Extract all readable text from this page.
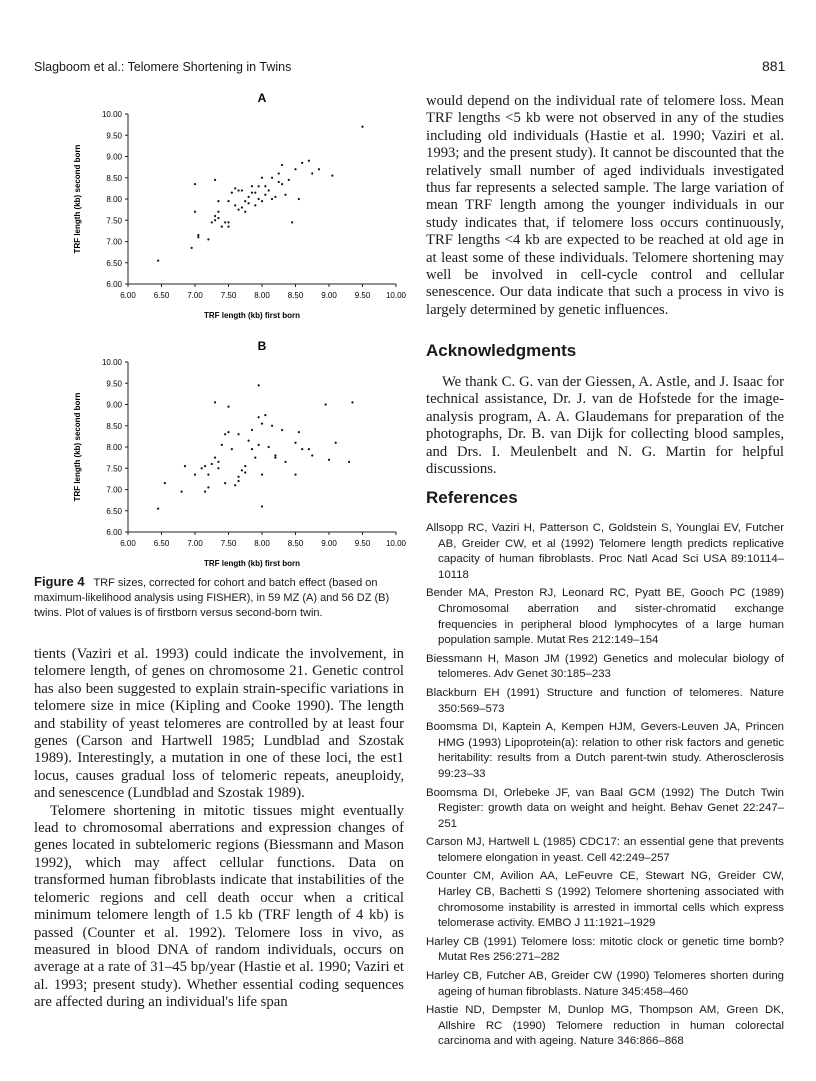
Slagboom et al.: Telomere Shortening in Twins	881
A
6.00 6.50 7.00 7.50 8.00 8.50 9.00 9.50 10.00
6.00
6.50
7.00
7.50
8.00
8.50
9.00
9.50
10.00
TRF length (kb) first born
TRF length (kb) second born
B
6.00 6.50 7.00 7.50 8.00 8.50 9.00 9.50 10.00
6.00
6.50
7.00
7.50
8.00
8.50
9.00
9.50
10.00
TRF length (kb) first born
TRF length (kb) second born
Figure 4 TRF sizes, corrected for cohort and batch effect (based on maximum-likelihood analysis using FISHER), in 59 MZ (A) and 56 DZ (B) twins. Plot of values is of firstborn versus second-born twin.

tients (Vaziri et al. 1993) could indicate the involvement, in telomere length, of genes on chromosome 21. Genetic control has also been suggested to explain strain-specific variations in telomere size in mice (Kipling and Cooke 1990). The length and stability of yeast telomeres are controlled by at least four genes (Carson and Hartwell 1985; Lundblad and Szostak 1989). Interestingly, a mutation in one of these loci, the est1 locus, causes gradual loss of telomeric repeats, aneuploidy, and senescence (Lundblad and Szostak 1989).

Telomere shortening in mitotic tissues might eventually lead to chromosomal aberrations and expression changes of genes located in subtelomeric regions (Biessmann and Mason 1992), which may affect cellular functions. Data on transformed human fibroblasts indicate that instabilities of the telomeric regions and cell death occur when a critical minimum telomere length of 1.5 kb (TRF length of 4 kb) is passed (Counter et al. 1992). Telomere loss in vivo, as measured in blood DNA of random individuals, occurs on average at a rate of 31–45 bp/year (Hastie et al. 1990; Vaziri et al. 1993; present study). Whether essential coding sequences are affected during an individual's life span

would depend on the individual rate of telomere loss. Mean TRF lengths <5 kb were not observed in any of the studies including old individuals (Hastie et al. 1990; Vaziri et al. 1993; and the present study). It cannot be discounted that the relatively small number of aged individuals investigated thus far represents a selected sample. The large variation of mean TRF length among the younger individuals in our study indicates that, if telomere loss occurs continuously, TRF lengths <4 kb are expected to be reached at old age in at least some of these individuals. Telomere shortening may well be involved in cell-cycle control and cellular senescence. Our data indicate that such a process in vivo is largely determined by genetic influences.

Acknowledgments

We thank C. G. van der Giessen, A. Astle, and J. Isaac for technical assistance, Dr. J. van de Hofstede for the image-analysis program, A. A. Glaudemans for preparation of the photographs, Dr. B. van Dijk for collecting blood samples, and Drs. I. Meulenbelt and N. G. Martin for helpful discussions.

References

Allsopp RC, Vaziri H, Patterson C, Goldstein S, Younglai EV, Futcher AB, Greider CW, et al (1992) Telomere length predicts replicative capacity of human fibroblasts. Proc Natl Acad Sci USA 89:10114–10118

Bender MA, Preston RJ, Leonard RC, Pyatt BE, Gooch PC (1989) Chromosomal aberration and sister-chromatid exchange frequencies in peripheral blood lymphocytes of a large human population sample. Mutat Res 212:149–154

Biessmann H, Mason JM (1992) Genetics and molecular biology of telomeres. Adv Genet 30:185–233

Blackburn EH (1991) Structure and function of telomeres. Nature 350:569–573

Boomsma DI, Kaptein A, Kempen HJM, Gevers-Leuven JA, Princen HMG (1993) Lipoprotein(a): relation to other risk factors and genetic heritability: results from a Dutch parent-twin study. Atherosclerosis 99:23–33

Boomsma DI, Orlebeke JF, van Baal GCM (1992) The Dutch Twin Register: growth data on weight and height. Behav Genet 22:247–251

Carson MJ, Hartwell L (1985) CDC17: an essential gene that prevents telomere elongation in yeast. Cell 42:249–257

Counter CM, Avilion AA, LeFeuvre CE, Stewart NG, Greider CW, Harley CB, Bachetti S (1992) Telomere shortening associated with chromosome instability is arrested in immortal cells which express telomerase activity. EMBO J 11:1921–1929

Harley CB (1991) Telomere loss: mitotic clock or genetic time bomb? Mutat Res 256:271–282

Harley CB, Futcher AB, Greider CW (1990) Telomeres shorten during ageing of human fibroblasts. Nature 345:458–460

Hastie ND, Dempster M, Dunlop MG, Thompson AM, Green DK, Allshire RC (1990) Telomere reduction in human colorectal carcinoma and with ageing. Nature 346:866–868
